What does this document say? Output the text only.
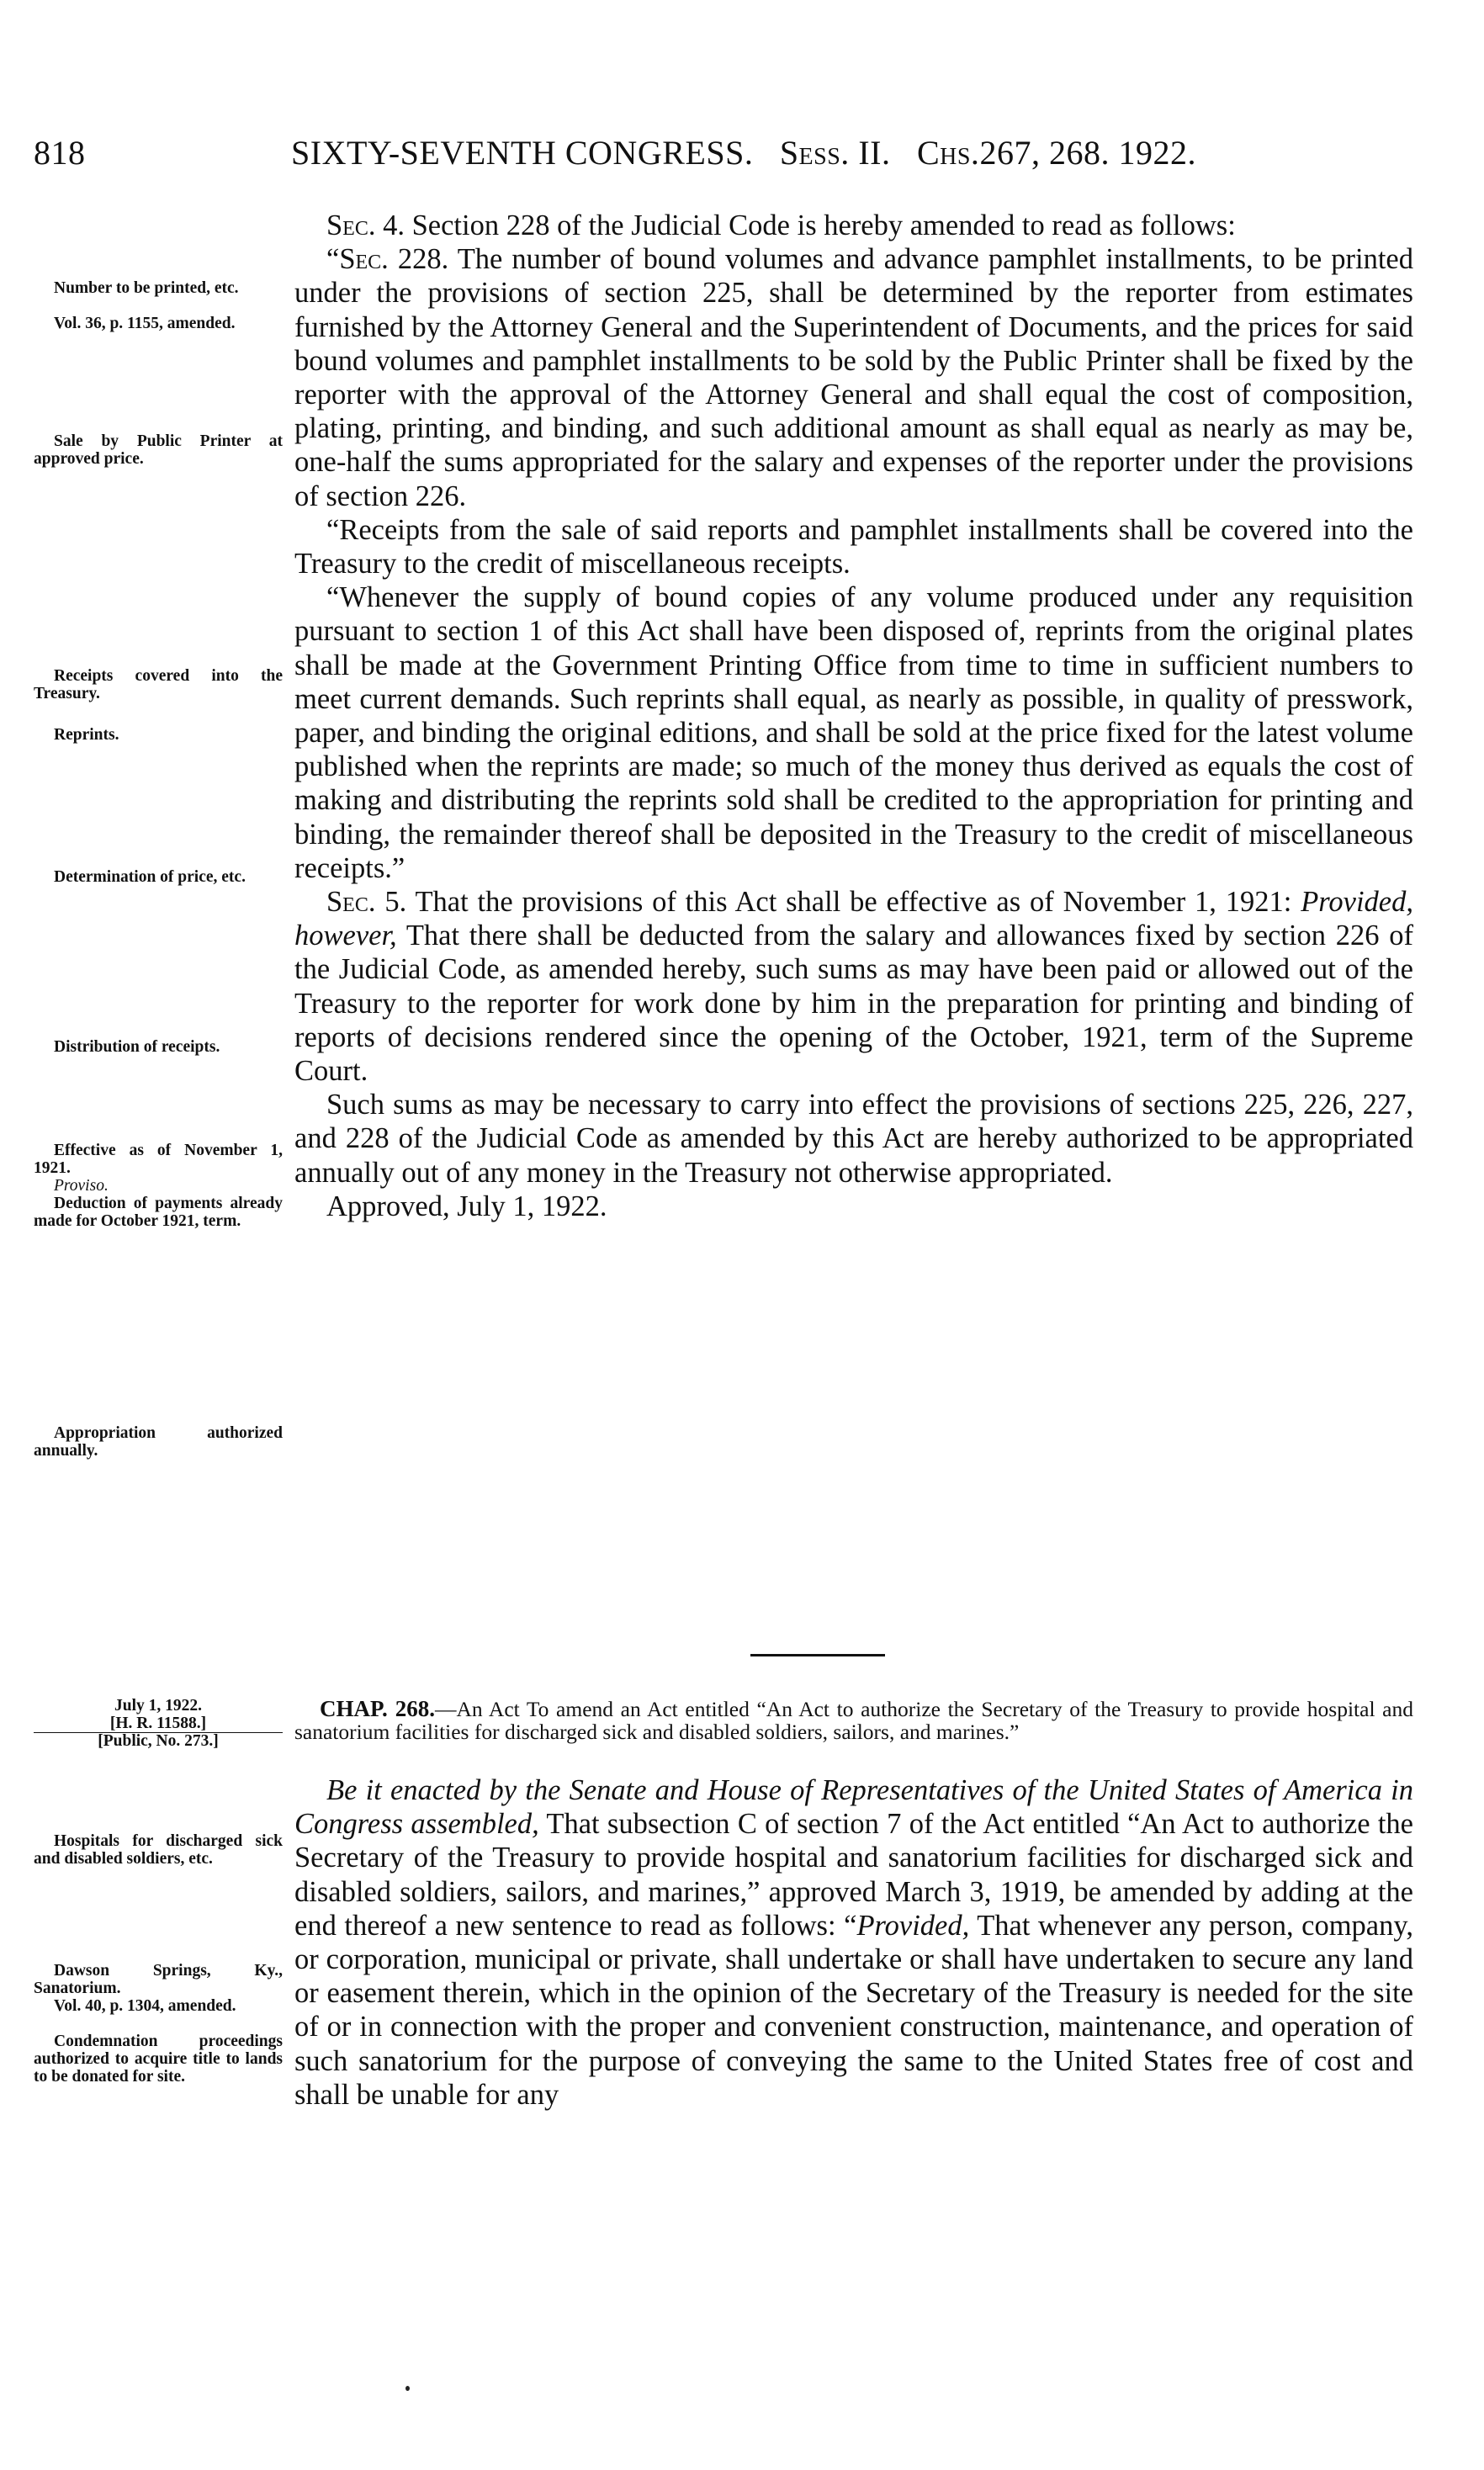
818	SIXTY-SEVENTH CONGRESS. Sess. II. Chs.267, 268. 1922.

Sec. 4. Section 228 of the Judicial Code is hereby amended to read as follows:

“Sec. 228. The number of bound volumes and advance pamphlet installments, to be printed under the provisions of section 225, shall be determined by the reporter from estimates furnished by the Attorney General and the Superintendent of Documents, and the prices for said bound volumes and pamphlet installments to be sold by the Public Printer shall be fixed by the reporter with the approval of the Attorney General and shall equal the cost of composition, plating, printing, and binding, and such additional amount as shall equal as nearly as may be, one-half the sums appropriated for the salary and expenses of the reporter under the provisions of section 226.

“Receipts from the sale of said reports and pamphlet installments shall be covered into the Treasury to the credit of miscellaneous receipts.

“Whenever the supply of bound copies of any volume produced under any requisition pursuant to section 1 of this Act shall have been disposed of, reprints from the original plates shall be made at the Government Printing Office from time to time in sufficient numbers to meet current demands. Such reprints shall equal, as nearly as possible, in quality of presswork, paper, and binding the original editions, and shall be sold at the price fixed for the latest volume published when the reprints are made; so much of the money thus derived as equals the cost of making and distributing the reprints sold shall be credited to the appropriation for printing and binding, the remainder thereof shall be deposited in the Treasury to the credit of miscellaneous receipts.”

Sec. 5. That the provisions of this Act shall be effective as of November 1, 1921: Provided, however, That there shall be deducted from the salary and allowances fixed by section 226 of the Judicial Code, as amended hereby, such sums as may have been paid or allowed out of the Treasury to the reporter for work done by him in the preparation for printing and binding of reports of decisions rendered since the opening of the October, 1921, term of the Supreme Court.

Such sums as may be necessary to carry into effect the provisions of sections 225, 226, 227, and 228 of the Judicial Code as amended by this Act are hereby authorized to be appropriated annually out of any money in the Treasury not otherwise appropriated.

Approved, July 1, 1922.

Number to be printed, etc.

Vol. 36, p. 1155, amended.

Sale by Public Printer at approved price.

Receipts covered into the Treasury.

Reprints.

Determination of price, etc.

Distribution of receipts.

Effective as of November 1, 1921.

Proviso.

Deduction of payments already made for October 1921, term.

Appropriation authorized annually.

July 1, 1922.
[H. R. 11588.]
[Public, No. 273.]

CHAP. 268.—An Act To amend an Act entitled “An Act to authorize the Secretary of the Treasury to provide hospital and sanatorium facilities for discharged sick and disabled soldiers, sailors, and marines.”

Be it enacted by the Senate and House of Representatives of the United States of America in Congress assembled, That subsection C of section 7 of the Act entitled “An Act to authorize the Secretary of the Treasury to provide hospital and sanatorium facilities for discharged sick and disabled soldiers, sailors, and marines,” approved March 3, 1919, be amended by adding at the end thereof a new sentence to read as follows: “Provided, That whenever any person, company, or corporation, municipal or private, shall undertake or shall have undertaken to secure any land or easement therein, which in the opinion of the Secretary of the Treasury is needed for the site of or in connection with the proper and convenient construction, maintenance, and operation of such sanatorium for the purpose of conveying the same to the United States free of cost and shall be unable for any

Hospitals for discharged sick and disabled soldiers, etc.

Dawson Springs, Ky., Sanatorium.

Vol. 40, p. 1304, amended.

Condemnation proceedings authorized to acquire title to lands to be donated for site.
